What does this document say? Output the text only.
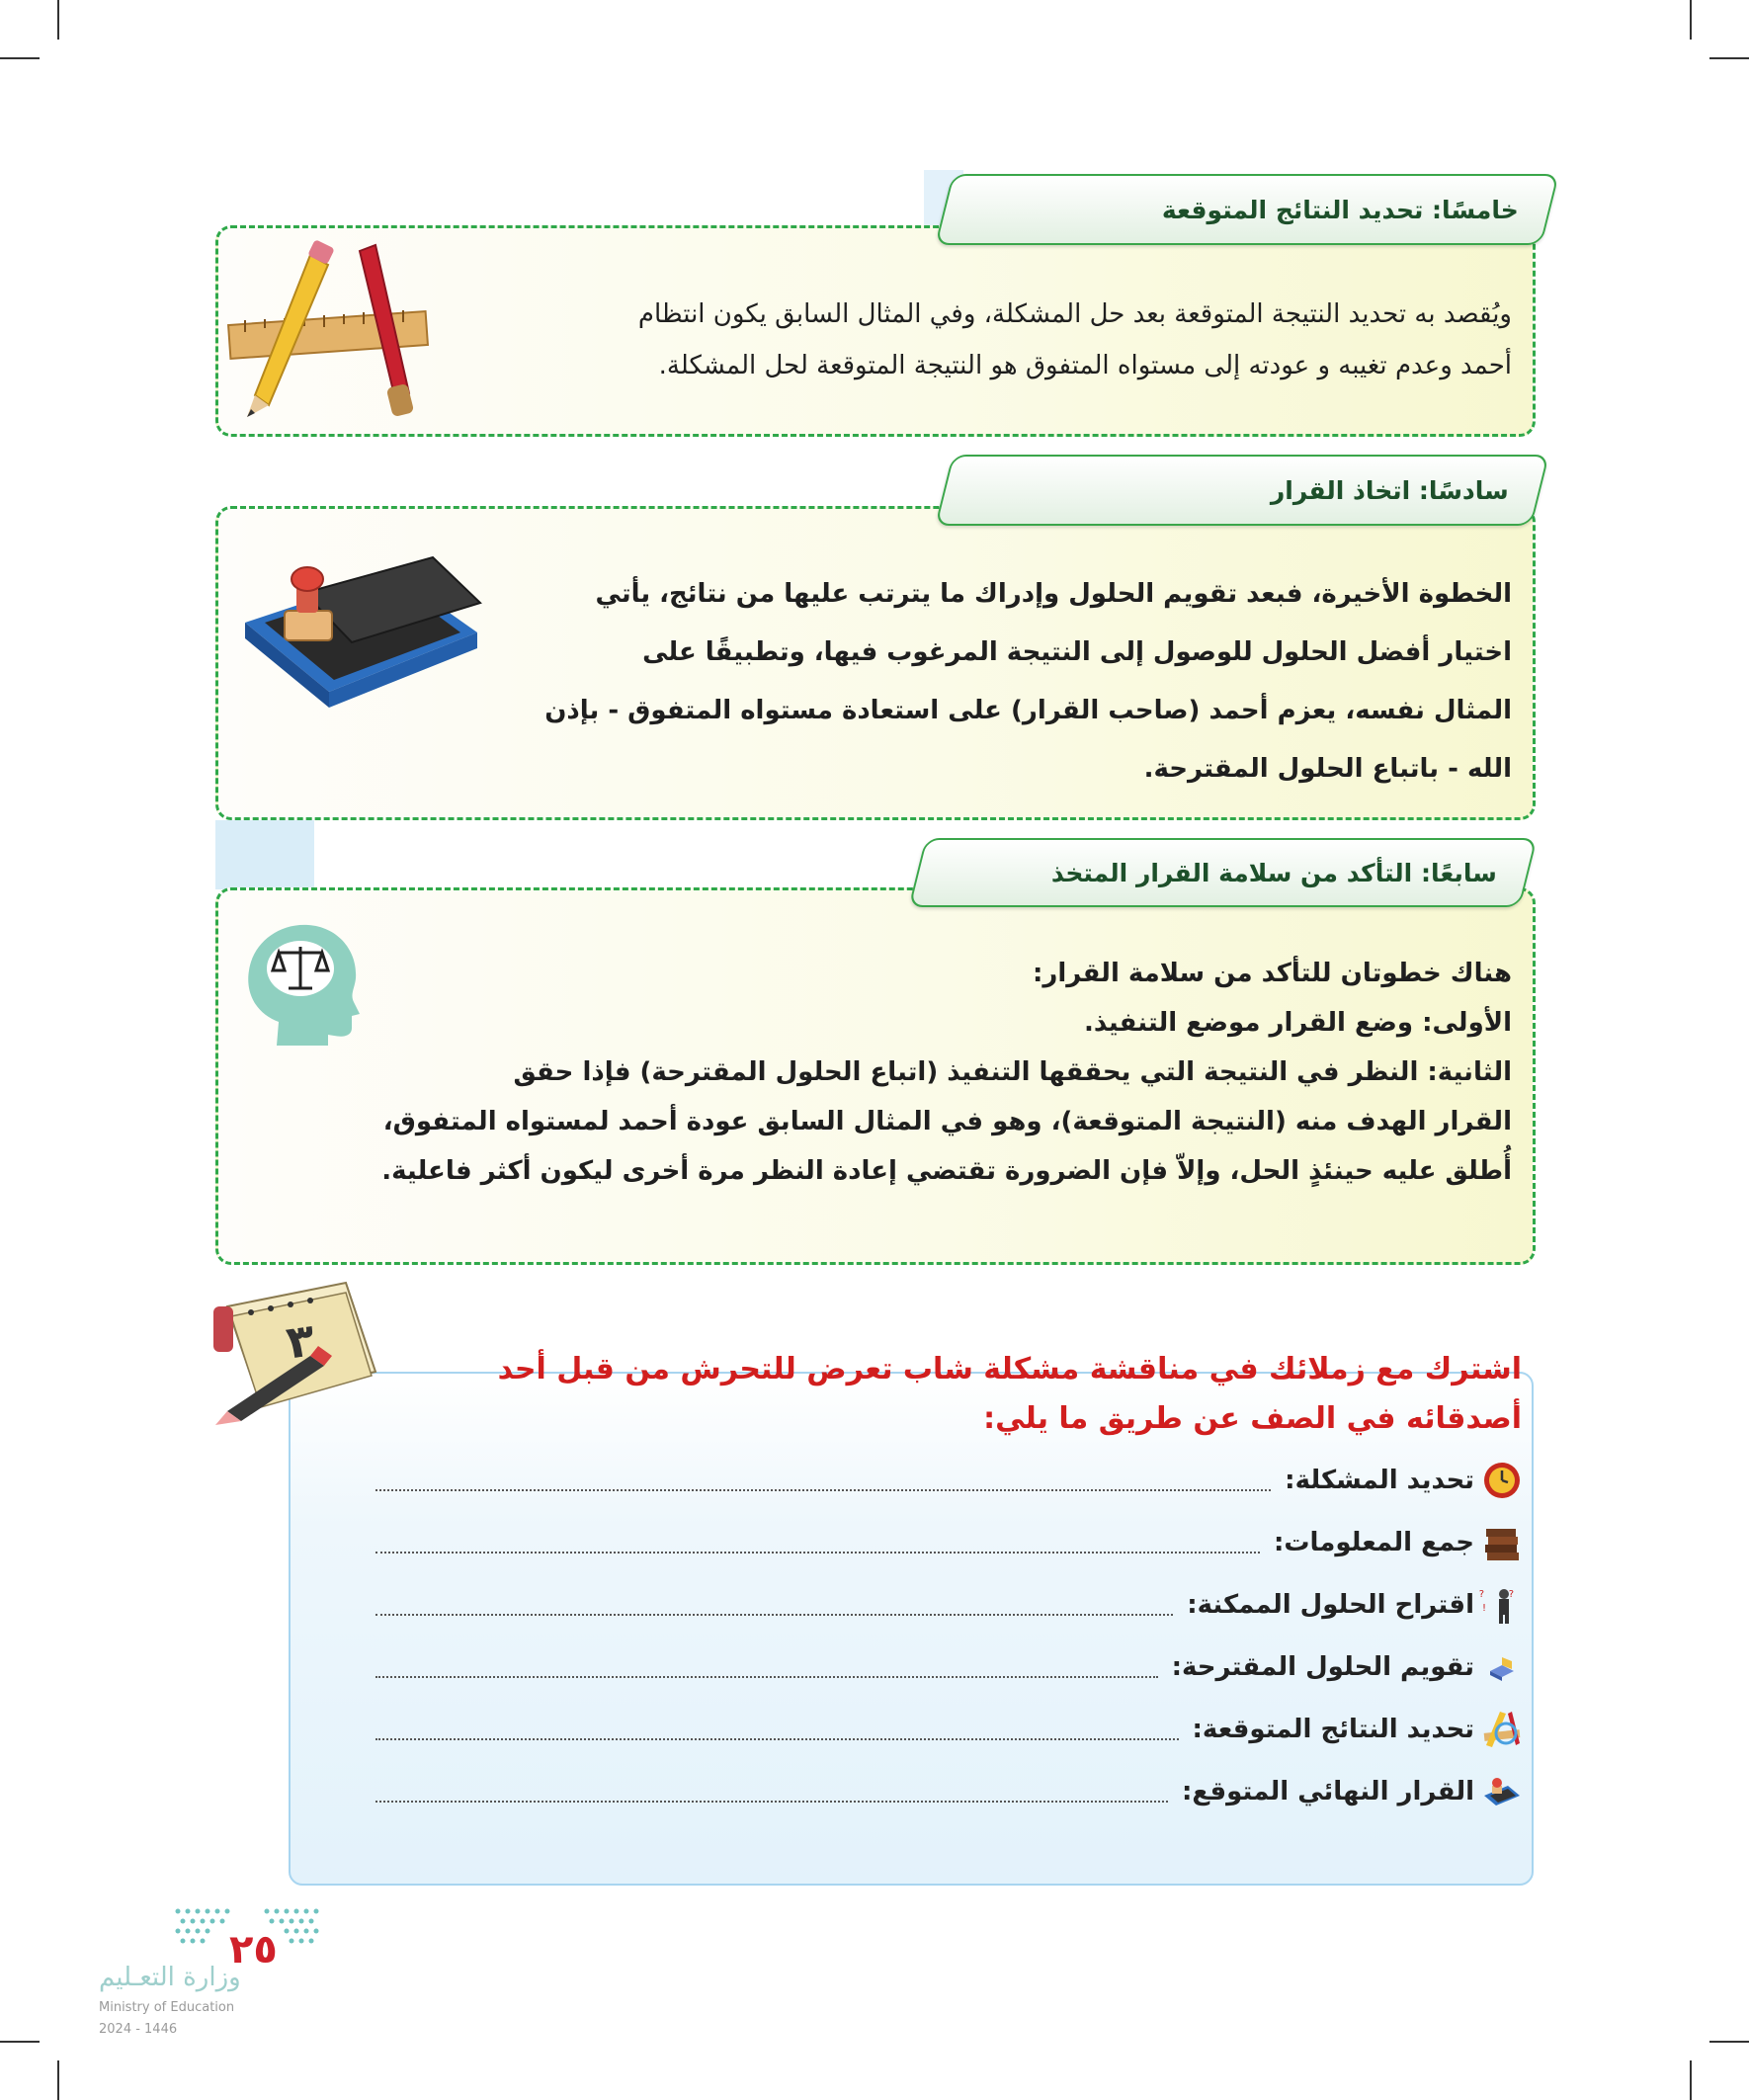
خامسًا: تحديد النتائج المتوقعة

ويُقصد به تحديد النتيجة المتوقعة بعد حل المشكلة، وفي المثال السابق يكون انتظام

أحمد وعدم تغيبه و عودته إلى مستواه المتفوق هو النتيجة المتوقعة لحل المشكلة.

سادسًا: اتخاذ القرار

الخطوة الأخيرة، فبعد تقويم الحلول وإدراك ما يترتب عليها من نتائج، يأتي

اختيار أفضل الحلول للوصول إلى النتيجة المرغوب فيها، وتطبيقًا على

المثال نفسه، يعزم أحمد (صاحب القرار) على استعادة مستواه المتفوق - بإذن

الله - باتباع الحلول المقترحة.

سابعًا: التأكد من سلامة القرار المتخذ

هناك خطوتان للتأكد من سلامة القرار:

الأولى: وضع القرار موضع التنفيذ.

الثانية: النظر في النتيجة التي يحققها التنفيذ (اتباع الحلول المقترحة) فإذا حقق

القرار الهدف منه (النتيجة المتوقعة)، وهو في المثال السابق عودة أحمد لمستواه المتفوق،

أُطلق عليه حينئذٍ الحل، وإلاّ فإن الضرورة تقتضي إعادة النظر مرة أخرى ليكون أكثر فاعلية.

٣	اشترك مع زملائك في مناقشة مشكلة شاب تعرض للتحرش من قبل أحد
أصدقائه في الصف عن طريق ما يلي:
تحديد المشكلة:
جمع المعلومات:
? ?
!
اقتراح الحلول الممكنة:
تقويم الحلول المقترحة:
تحديد النتائج المتوقعة:
القرار النهائي المتوقع:
٢٥
وزارة التعـليم
Ministry of Education
2024 - 1446
